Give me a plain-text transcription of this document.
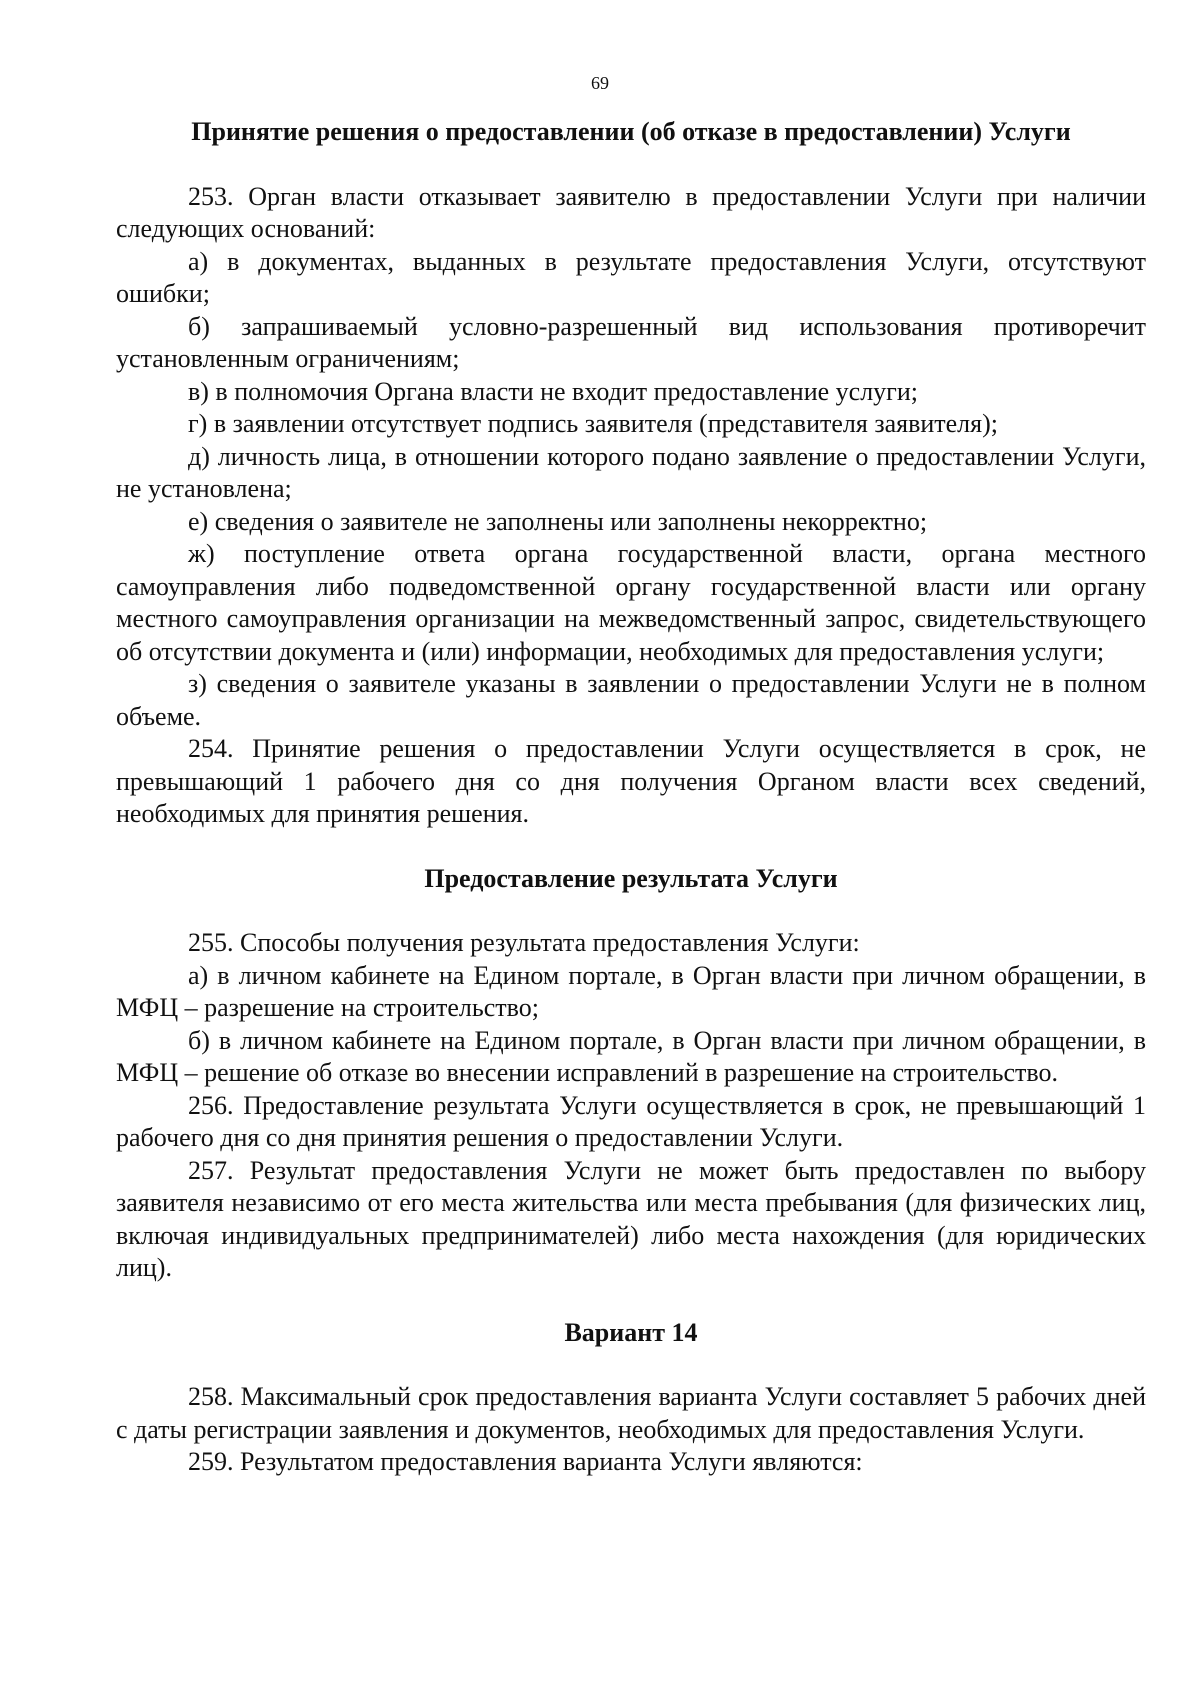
69
Принятие решения о предоставлении (об отказе в предоставлении) Услуги

253. Орган власти отказывает заявителю в предоставлении Услуги при наличии следующих оснований:

а) в документах, выданных в результате предоставления Услуги, отсутствуют ошибки;

б) запрашиваемый условно-разрешенный вид использования противоречит установленным ограничениям;

в) в полномочия Органа власти не входит предоставление услуги;

г) в заявлении отсутствует подпись заявителя (представителя заявителя);

д) личность лица, в отношении которого подано заявление о предоставлении Услуги, не установлена;

е) сведения о заявителе не заполнены или заполнены некорректно;

ж) поступление ответа органа государственной власти, органа местного самоуправления либо подведомственной органу государственной власти или органу местного самоуправления организации на межведомственный запрос, свидетельствующего об отсутствии документа и (или) информации, необходимых для предоставления услуги;

з) сведения о заявителе указаны в заявлении о предоставлении Услуги не в полном объеме.

254. Принятие решения о предоставлении Услуги осуществляется в срок, не превышающий 1 рабочего дня со дня получения Органом власти всех сведений, необходимых для принятия решения.

Предоставление результата Услуги

255. Способы получения результата предоставления Услуги:

а) в личном кабинете на Едином портале, в Орган власти при личном обращении, в МФЦ – разрешение на строительство;

б) в личном кабинете на Едином портале, в Орган власти при личном обращении, в МФЦ – решение об отказе во внесении исправлений в разрешение на строительство.

256. Предоставление результата Услуги осуществляется в срок, не превышающий 1 рабочего дня со дня принятия решения о предоставлении Услуги.

257. Результат предоставления Услуги не может быть предоставлен по выбору заявителя независимо от его места жительства или места пребывания (для физических лиц, включая индивидуальных предпринимателей) либо места нахождения (для юридических лиц).

Вариант 14

258. Максимальный срок предоставления варианта Услуги составляет 5 рабочих дней с даты регистрации заявления и документов, необходимых для предоставления Услуги.

259. Результатом предоставления варианта Услуги являются:
